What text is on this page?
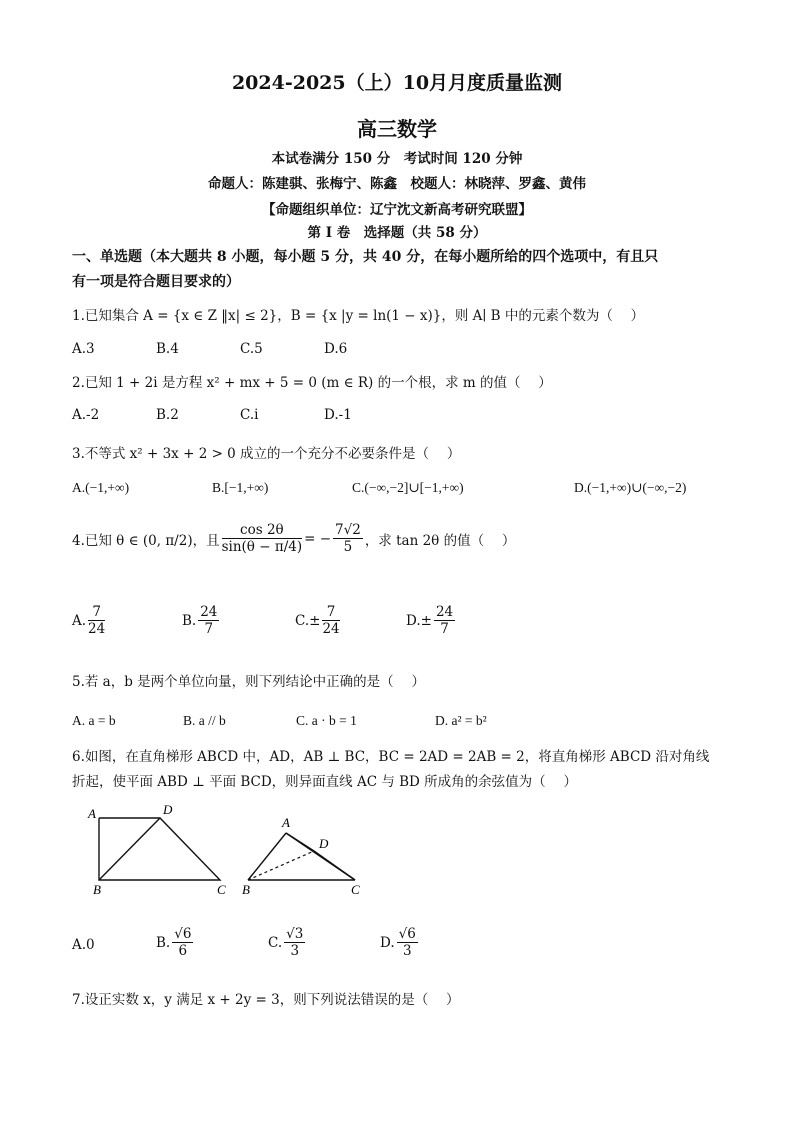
2024-2025（上）10月月度质量监测
高三数学
本试卷满分 150 分　考试时间 120 分钟
命题人：陈建骐、张梅宁、陈鑫　校题人：林晓萍、罗鑫、黄伟
【命题组织单位：辽宁沈文新高考研究联盟】
第 I 卷　选择题（共 58 分）
一、单选题（本大题共 8 小题，每小题 5 分，共 40 分，在每小题所给的四个选项中，有且只
有一项是符合题目要求的）
1.已知集合 A = {x ∈ Z ‖x| ≤ 2}，B = {x |y = ln(1 − x)}，则 A∣ B 中的元素个数为（　 ）
A.3	B.4	C.5	D.6
2.已知 1 + 2i 是方程 x² + mx + 5 = 0 (m ∈ R) 的一个根，求 m 的值（　 ）
A.-2	B.2	C.i	D.-1
3.不等式 x² + 3x + 2 > 0 成立的一个充分不必要条件是（　 ）
A.(−1,+∞)	B.[−1,+∞)	C.(−∞,−2]∪[−1,+∞)	D.(−1,+∞)∪(−∞,−2)
4.已知 θ ∈ (0, π/2)，且 $\frac{\cos 2\theta}{\sin(\theta - \pi/4)}$ = − $\frac{7√2}{5}$ ，求 tan 2θ 的值（　 ）
A. $\frac{7}{24}$	B. $\frac{24}{7}$	$C.\pm \frac{7}{24}$	$D.\pm \frac{24}{7}$
5.若 a，b 是两个单位向量，则下列结论中正确的是（　 ）
A. a = b	B. a // b	C. a · b = 1	D. a² = b²
6.如图，在直角梯形 ABCD 中，AD，AB ⊥ BC，BC = 2AD = 2AB = 2，将直角梯形 ABCD 沿对角线
折起，使平面 ABD ⊥ 平面 BCD，则异面直线 AC 与 BD 所成角的余弦值为（　 ）
A	D
B	C
A
D
B	C
A.0	B. $\frac{√6}{6}$	C. $\frac{√3}{3}$	D. $\frac{√6}{3}$
7.设正实数 x，y 满足 x + 2y = 3，则下列说法错误的是（　 ）
